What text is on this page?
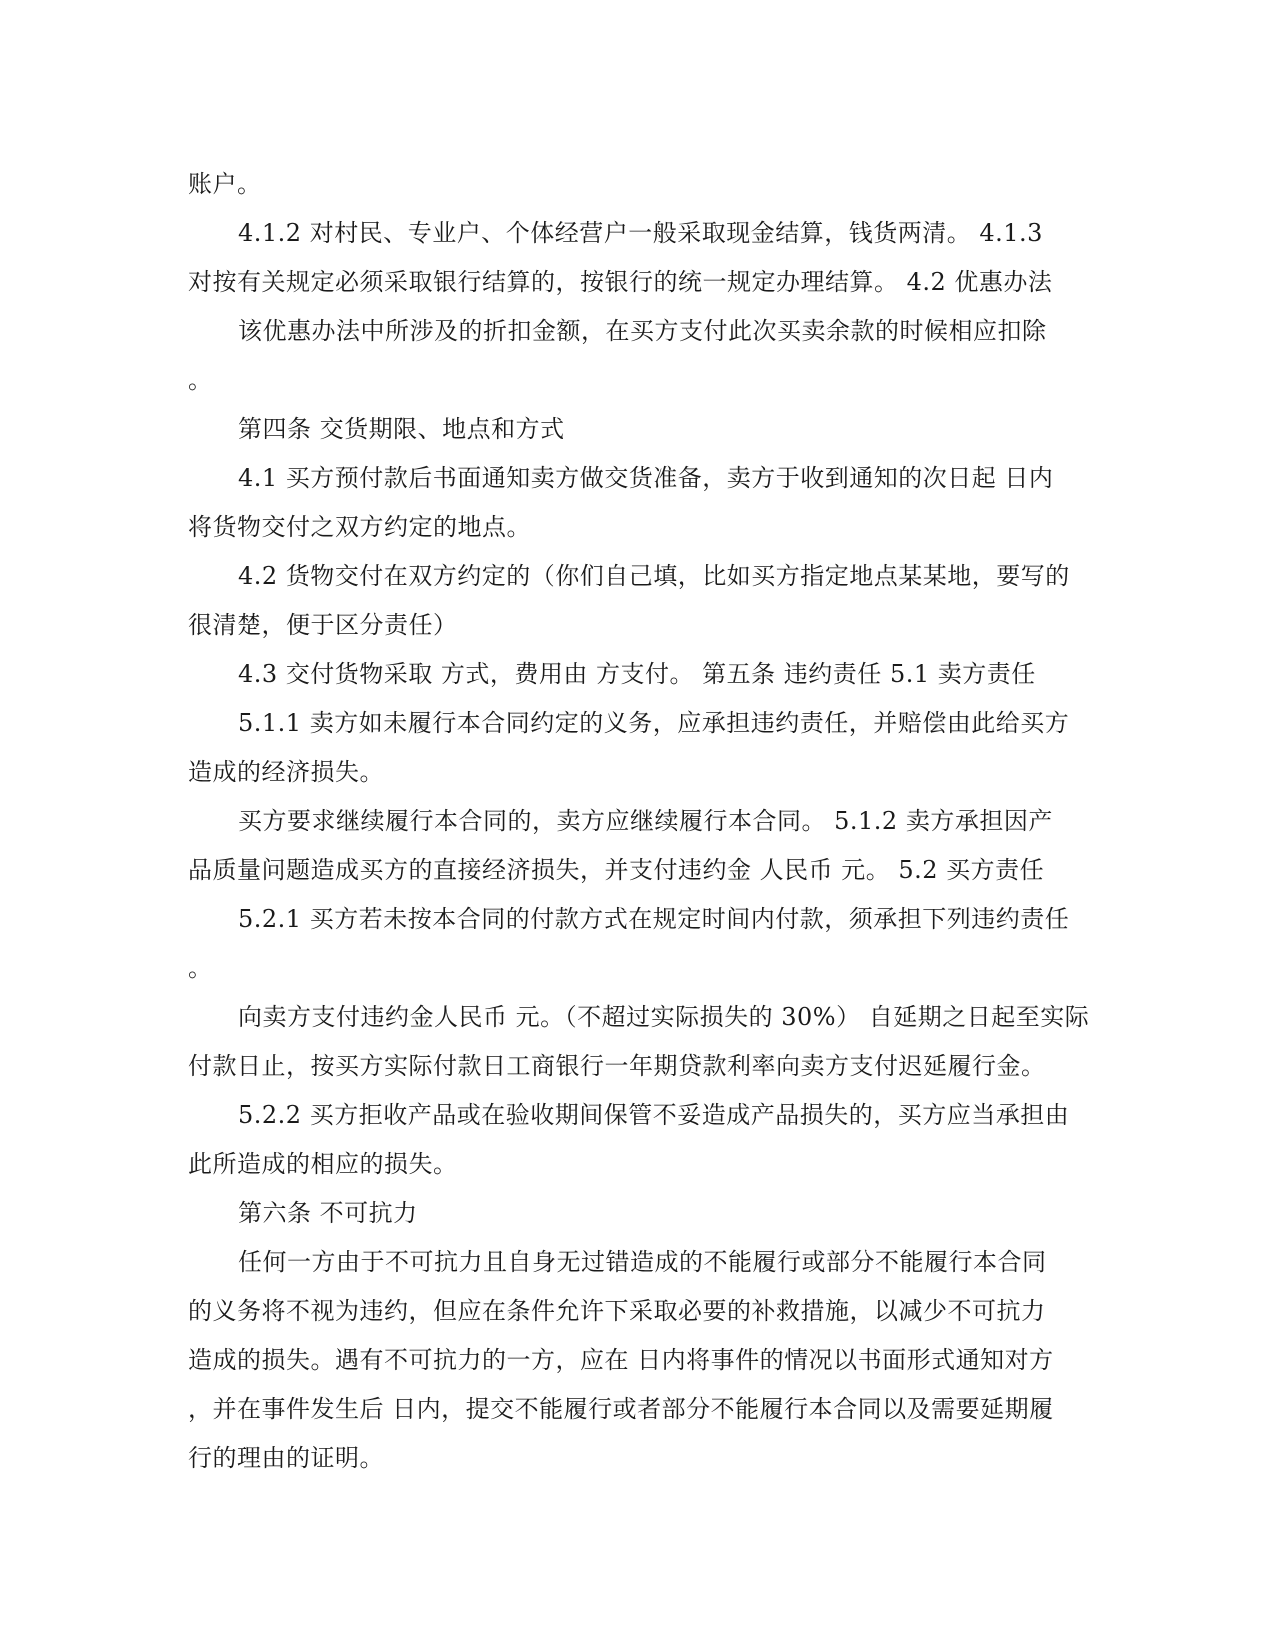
账户。
4.1.2 对村民、专业户、个体经营户一般采取现金结算，钱货两清。 4.1.3
对按有关规定必须采取银行结算的，按银行的统一规定办理结算。 4.2 优惠办法
该优惠办法中所涉及的折扣金额，在买方支付此次买卖余款的时候相应扣除
。
第四条 交货期限、地点和方式
4.1 买方预付款后书面通知卖方做交货准备，卖方于收到通知的次日起 日内
将货物交付之双方约定的地点。
4.2 货物交付在双方约定的（你们自己填，比如买方指定地点某某地，要写的
很清楚，便于区分责任）
4.3 交付货物采取 方式，费用由 方支付。 第五条 违约责任 5.1 卖方责任
5.1.1 卖方如未履行本合同约定的义务，应承担违约责任，并赔偿由此给买方
造成的经济损失。
买方要求继续履行本合同的，卖方应继续履行本合同。 5.1.2 卖方承担因产
品质量问题造成买方的直接经济损失，并支付违约金 人民币 元。 5.2 买方责任
5.2.1 买方若未按本合同的付款方式在规定时间内付款，须承担下列违约责任
。
向卖方支付违约金人民币 元。（不超过实际损失的 30%） 自延期之日起至实际
付款日止，按买方实际付款日工商银行一年期贷款利率向卖方支付迟延履行金。
5.2.2 买方拒收产品或在验收期间保管不妥造成产品损失的，买方应当承担由
此所造成的相应的损失。
第六条 不可抗力
任何一方由于不可抗力且自身无过错造成的不能履行或部分不能履行本合同
的义务将不视为违约，但应在条件允许下采取必要的补救措施，以减少不可抗力
造成的损失。遇有不可抗力的一方，应在 日内将事件的情况以书面形式通知对方
，并在事件发生后 日内，提交不能履行或者部分不能履行本合同以及需要延期履
行的理由的证明。
